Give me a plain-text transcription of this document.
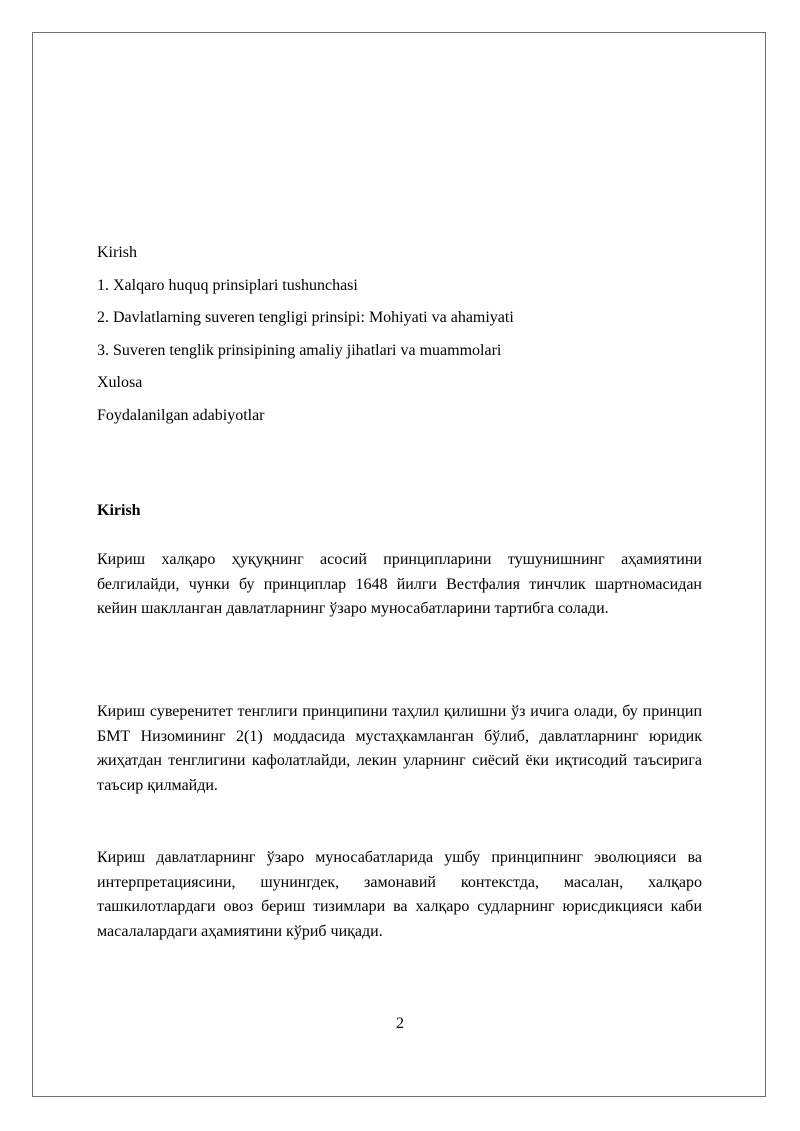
Kirish
1. Xalqaro huquq prinsiplari tushunchasi
2. Davlatlarning suveren tengligi prinsipi: Mohiyati va ahamiyati
3. Suveren tenglik prinsipining amaliy jihatlari va muammolari
Xulosa
Foydalanilgan adabiyotlar
Kirish

Кириш халқаро ҳуқуқнинг асосий принципларини тушунишнинг аҳамиятини белгилайди, чунки бу принциплар 1648 йилги Вестфалия тинчлик шартномасидан кейин шаклланган давлатларнинг ўзаро муносабатларини тартибга солади.

Кириш суверенитет тенглиги принципини таҳлил қилишни ўз ичига олади, бу принцип БМТ Низомининг 2(1) моддасида мустаҳкамланган бўлиб, давлатларнинг юридик жиҳатдан тенглигини кафолатлайди, лекин уларнинг сиёсий ёки иқтисодий таъсирига таъсир қилмайди.

Кириш давлатларнинг ўзаро муносабатларида ушбу принципнинг эволюцияси ва интерпретациясини, шунингдек, замонавий контекстда, масалан, халқаро ташкилотлардаги овоз бериш тизимлари ва халқаро судларнинг юрисдикцияси каби масалалардаги аҳамиятини кўриб чиқади.

2
